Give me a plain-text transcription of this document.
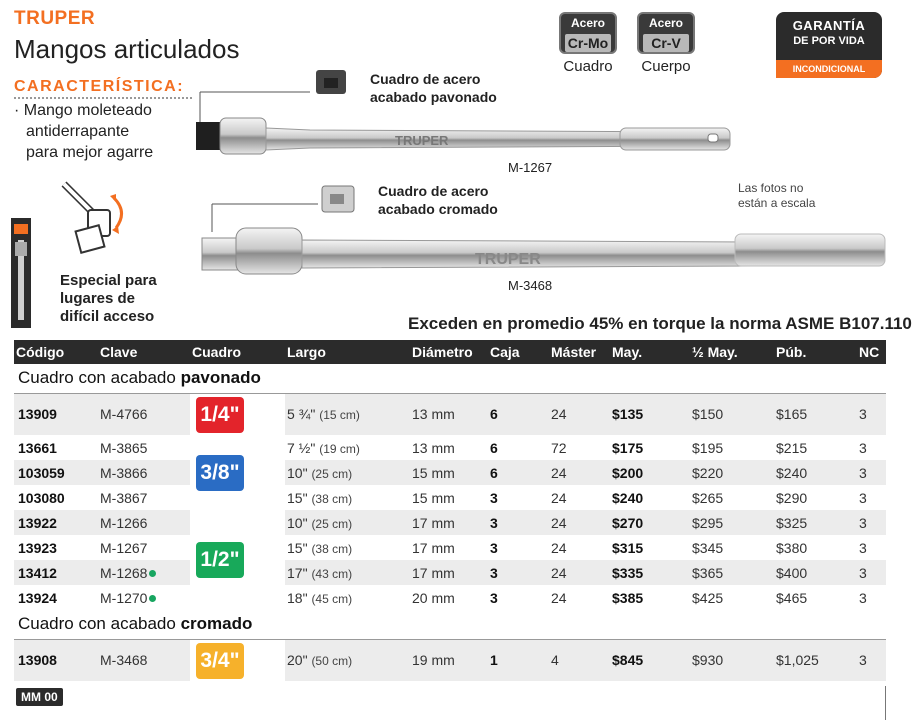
TRUPER
Mangos articulados
CARACTERÍSTICA:
· Mango moleteado
antiderrapante
para mejor agarre
Especial para
lugares de
difícil acceso
Acero
Cr-Mo
Cuadro
Acero
Cr-V
Cuerpo
GARANTÍA
DE POR VIDA
INCONDICIONAL
TRUPER
Cuadro de acero
acabado pavonado
M-1267
TRUPER
Cuadro de acero
acabado cromado
M-3468
Las fotos no
están a escala
Exceden en promedio 45% en torque la norma ASME B107.110
Código	Clave	Cuadro	Largo	Diámetro	Caja	Máster	May.	½ May.	Púb.	NC
Cuadro con acabado pavonado										
13909	M-4766	1/4"	5 ¾" (15 cm)	13 mm	6	24	$135	$150	$165	3
13661	M-3865	3/8"	7 ½" (19 cm)	13 mm	6	72	$175	$195	$215	3
103059	M-3866		10" (25 cm)	15 mm	6	24	$200	$220	$240	3
103080	M-3867		15" (38 cm)	15 mm	3	24	$240	$265	$290	3
13922	M-1266	1/2"	10" (25 cm)	17 mm	3	24	$270	$295	$325	3
13923	M-1267		15" (38 cm)	17 mm	3	24	$315	$345	$380	3
13412	M-1268		17" (43 cm)	17 mm	3	24	$335	$365	$400	3
13924	M-1270		18" (45 cm)	20 mm	3	24	$385	$425	$465	3
Cuadro con acabado cromado										
13908	M-3468	3/4"	20" (50 cm)	19 mm	1	4	$845	$930	$1,025	3
MM 00
